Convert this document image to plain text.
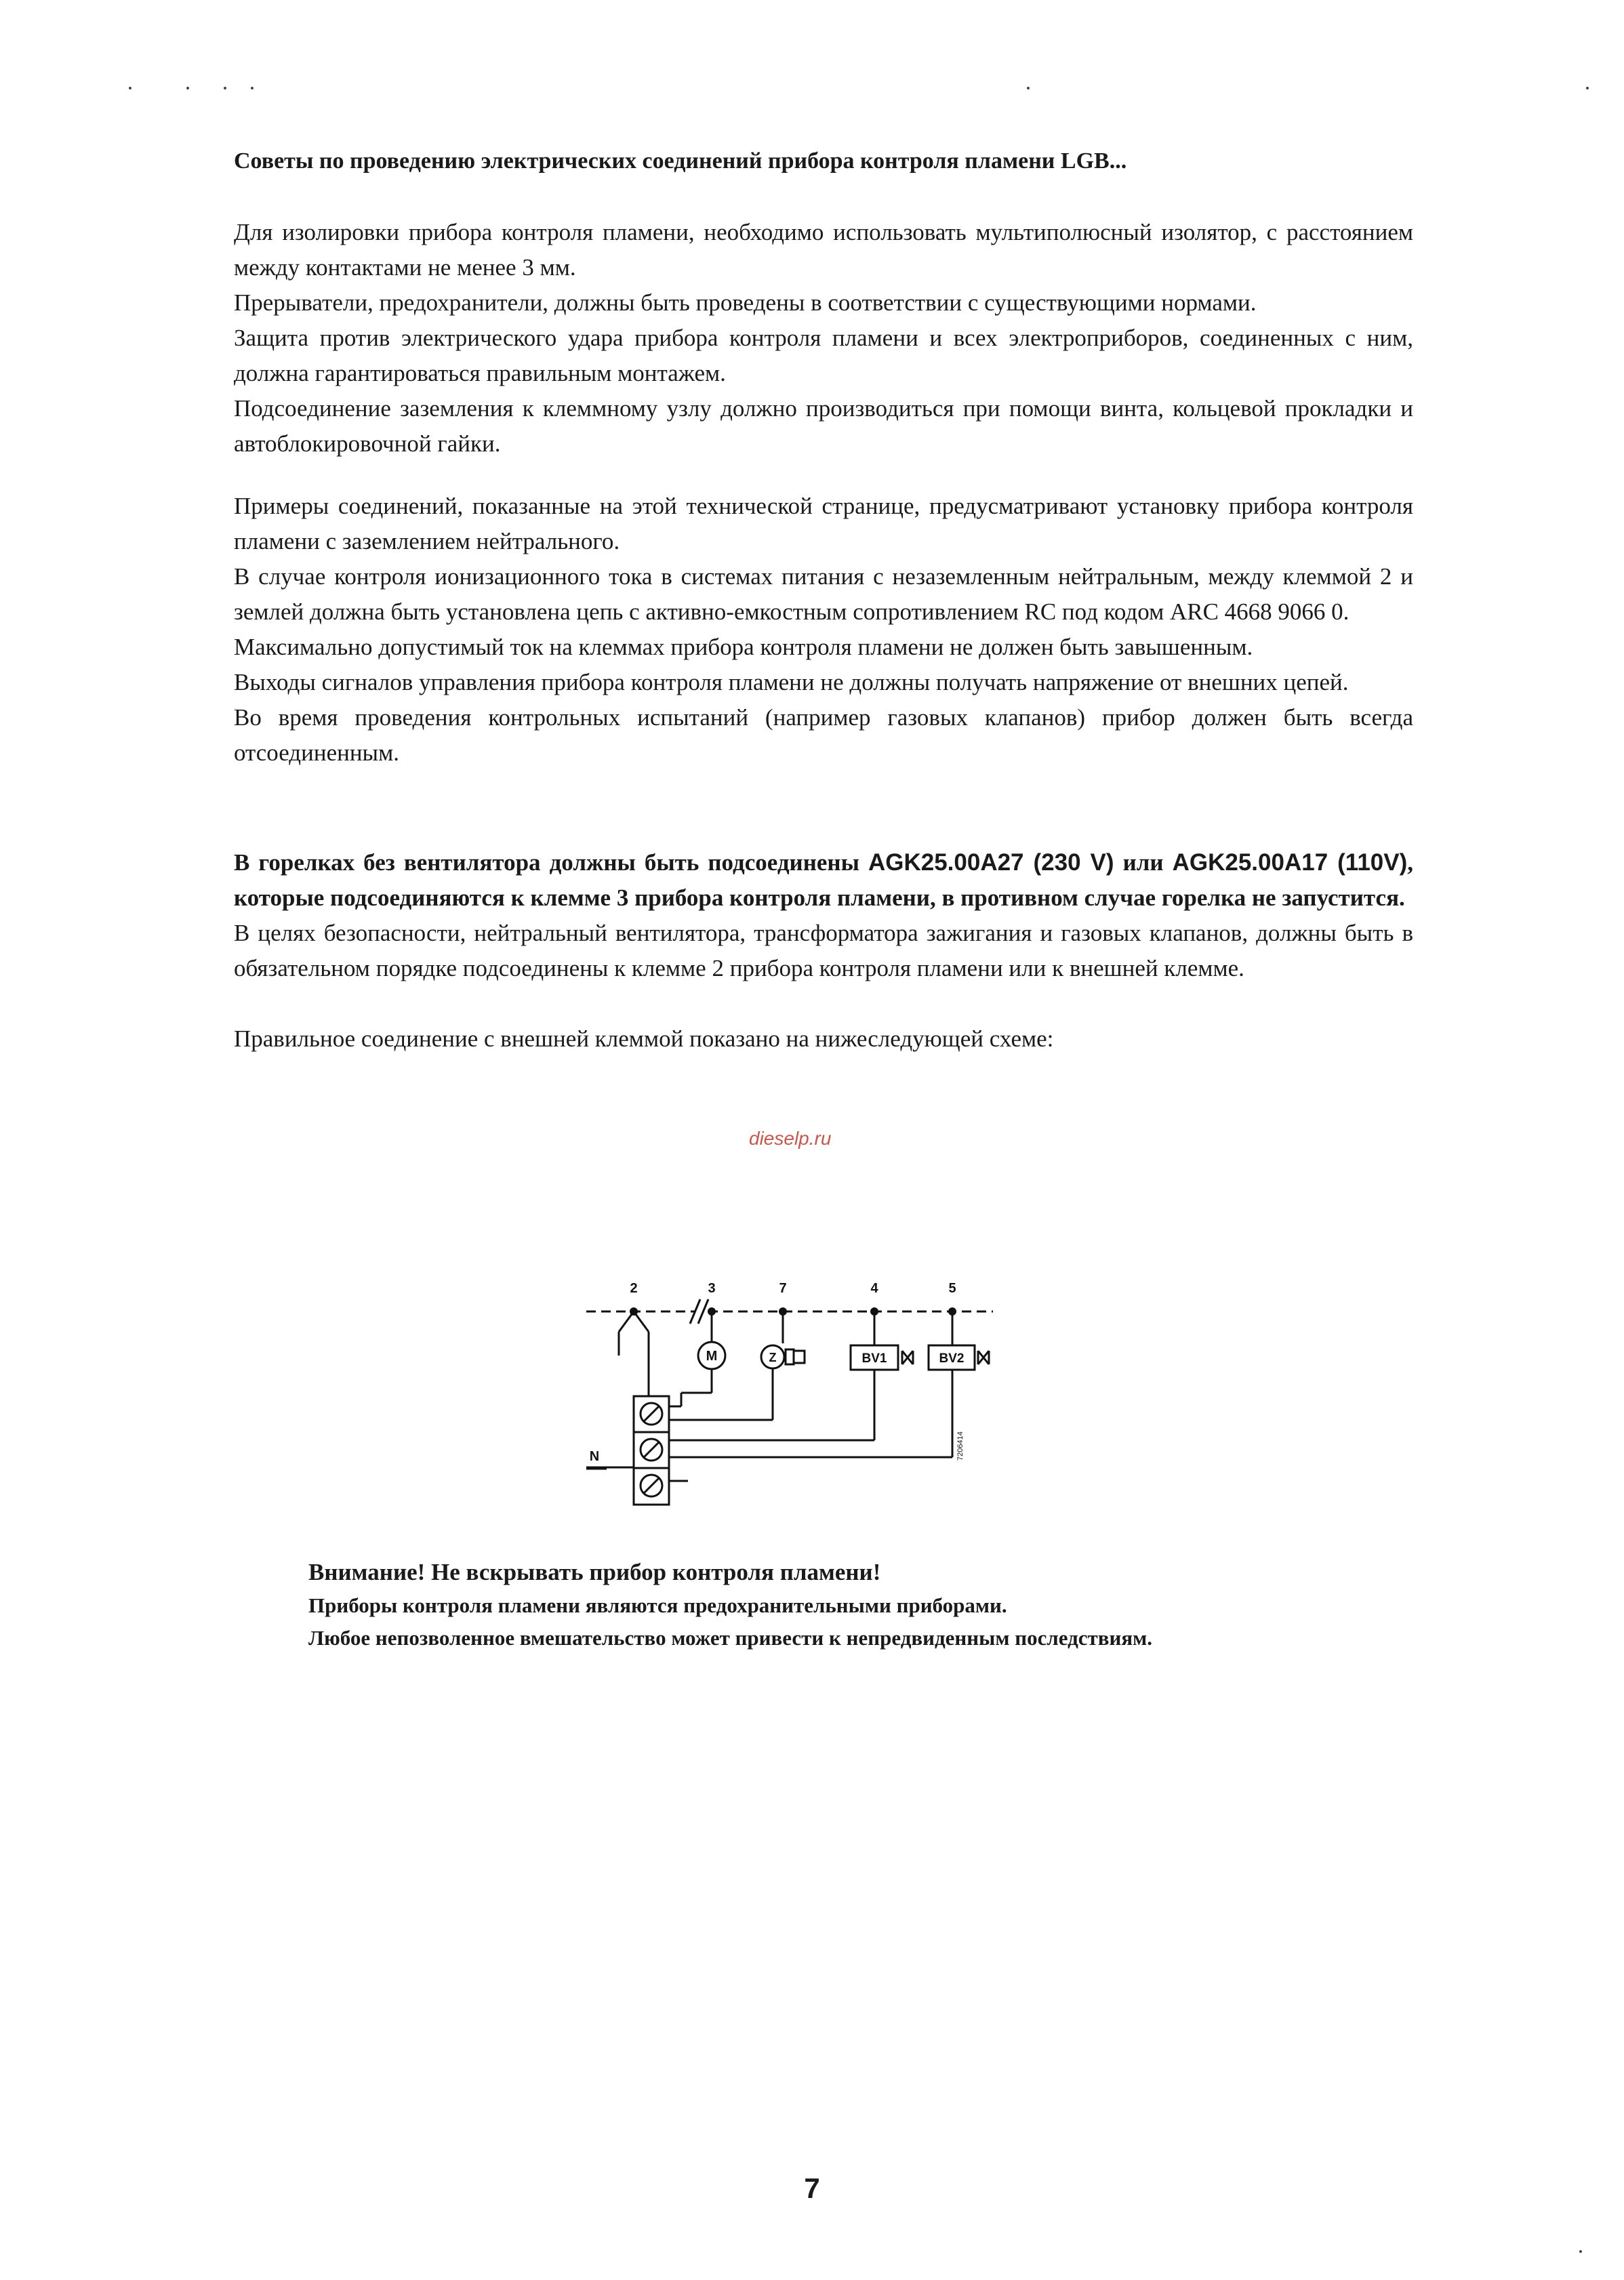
Советы по проведению электрических соединений прибора контроля пламени LGB...

Для изолировки прибора контроля пламени, необходимо использовать мультиполюсный изолятор, с расстоянием между контактами не менее 3 мм.

Прерыватели, предохранители, должны быть проведены в соответствии с существующими нормами.

Защита против электрического удара прибора контроля пламени и всех электроприборов, соединенных с ним, должна гарантироваться правильным монтажем.

Подсоединение заземления к клеммному узлу должно производиться при помощи винта, кольцевой прокладки и автоблокировочной гайки.

Примеры соединений, показанные на этой технической странице, предусматривают установку прибора контроля пламени с заземлением нейтрального.

В случае контроля ионизационного тока в системах питания с незаземленным нейтральным, между клеммой 2 и землей должна быть установлена цепь с активно-емкостным сопротивлением RC под кодом ARC 4668 9066 0.

Максимально допустимый ток на клеммах прибора контроля пламени не должен быть завышенным.

Выходы сигналов управления прибора контроля пламени не должны получать напряжение от внешних цепей.

Во время проведения контрольных испытаний (например газовых клапанов) прибор должен быть всегда отсоединенным.

В горелках без вентилятора должны быть подсоединены AGK25.00A27 (230 V) или AGK25.00A17 (110V), которые подсоединяются к клемме 3 прибора контроля пламени, в противном случае горелка не запустится.

В целях безопасности, нейтральный вентилятора, трансформатора зажигания и газовых клапанов, должны быть в обязательном порядке подсоединены к клемме 2 прибора контроля пламени или к внешней клемме.

Правильное соединение с внешней клеммой показано на нижеследующей схеме:

dieselp.ru
2	3	7	4	5
M	Z	BV1	BV2
N	7206414

Внимание! Не вскрывать прибор контроля пламени!

Приборы контроля пламени являются предохранительными приборами.

Любое непозволенное вмешательство может привести к непредвиденным последствиям.

7
